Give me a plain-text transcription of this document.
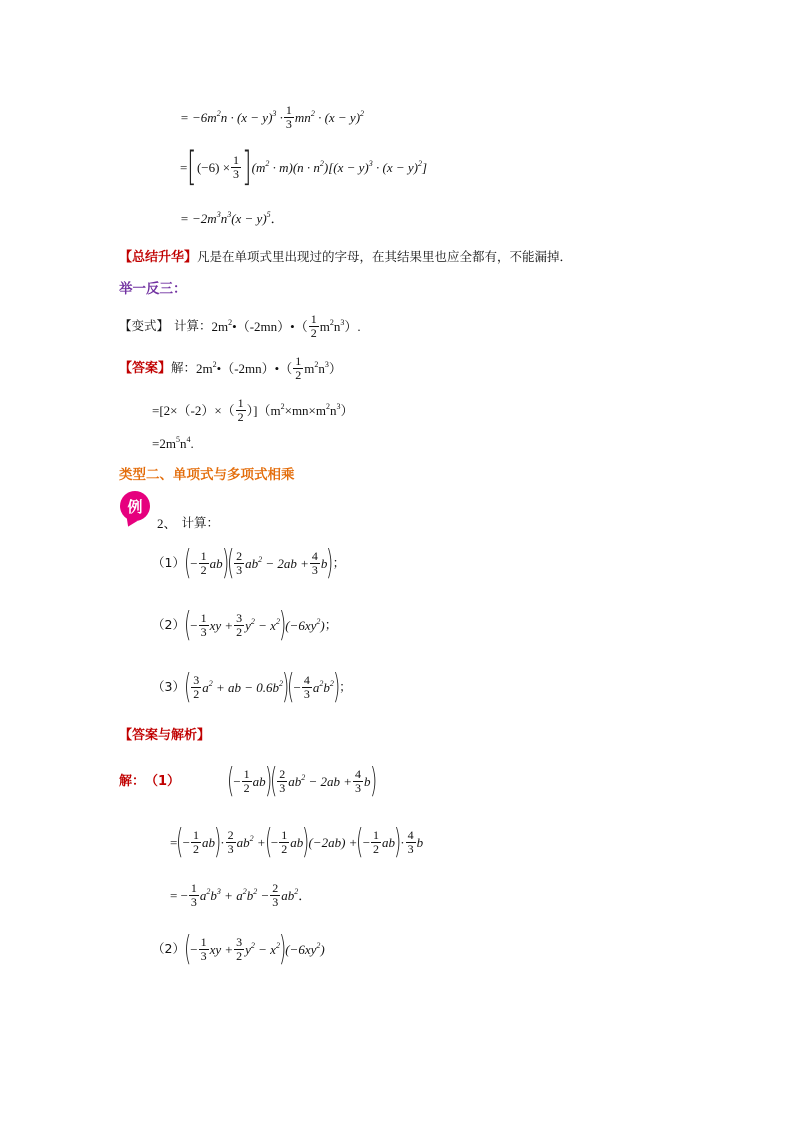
= $-6m^2n \cdot (x - y)^3 \cdot \frac{1}{3} mn^2 \cdot (x - y)^2$
= [ $(-6) \times \frac{1}{3}$ ] $(m^2 \cdot m)(n \cdot n^2)[(x - y)^3 \cdot (x - y)^2]$
= $-2m^3n^3(x - y)^5$ ．
【总结升华】 凡是在单项式里出现过的字母，在其结果里也应全都有，不能漏掉．
举一反三：
【变式】 计算： $2m^2•(-2mn)•( \frac{1}{2} m^2n^3)$.
【答案】 解： $2m^2•(-2mn)•( \frac{1}{2} m^2n^3)$
$=[2\times(-2)\times( \frac{1}{2} )](m^2\times mn\times m^2n^3)$
$=2m^5n^4$.
类型二、单项式与多项式相乘
例
2、 计算：
（1）
(
− $\frac{1}{2}$ ab
)
( $\frac{2}{3} ab^2 - 2ab + \frac{4}{3}$ b
)
；
（2）
(
− $\frac{1}{3}$ xy + $\frac{3}{2} y^2 - x^2$
)
$(-6xy^2)$ ；
（3）
( $\frac{3}{2} a^2$ + ab − $0.6b^2$
)
(
− $\frac{4}{3} a^2b^2$
)
；
【答案与解析】
解： （1） (
− $\frac{1}{2}$ ab
)
( $\frac{2}{3} ab^2 - 2ab + \frac{4}{3}$ b
)
=
(
− $\frac{1}{2}$ ab
)
· $\frac{2}{3} ab^2$ +
(
− $\frac{1}{2}$ ab
)
(−2ab) +
(
− $\frac{1}{2}$ ab
)
· $\frac{4}{3}$ b
= − $\frac{1}{3} a^2b^3 + a^2b^2 - \frac{2}{3} ab^2$ ．
（2）
(
− $\frac{1}{3}$ xy + $\frac{3}{2} y^2 - x^2$
)
$(-6xy^2)$
